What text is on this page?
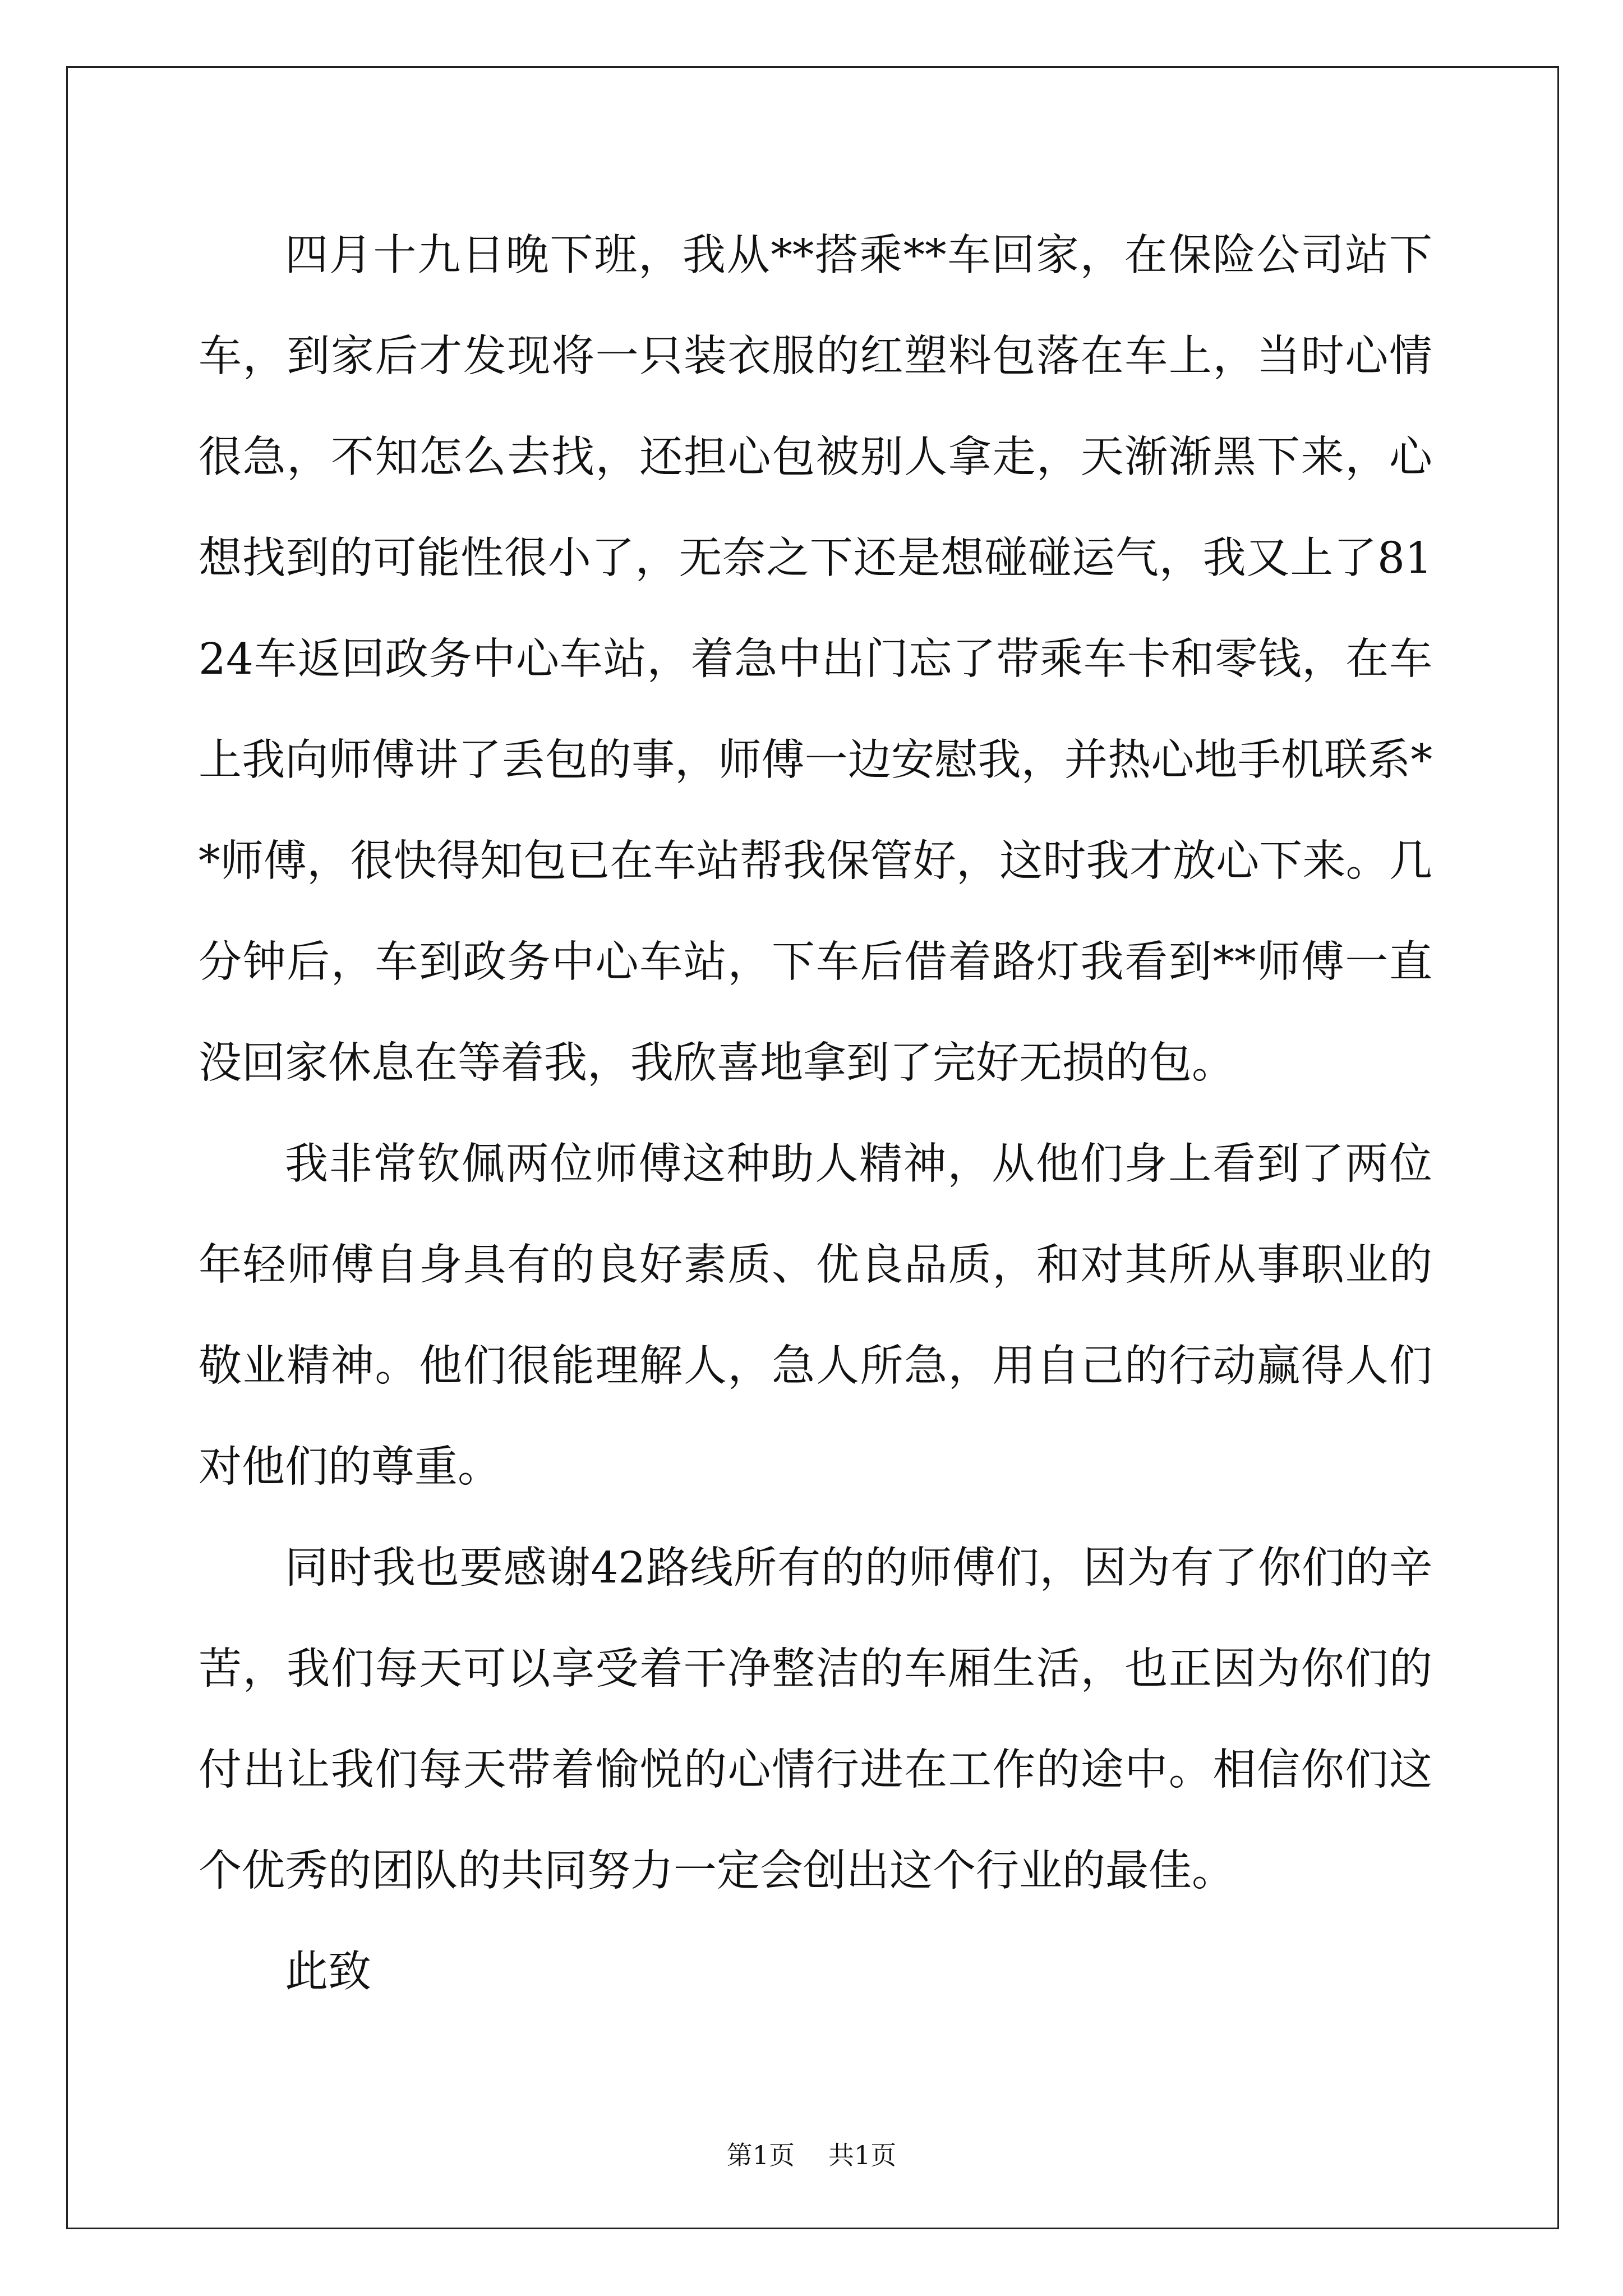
四月十九日晚下班，我从**搭乘**车回家，在保险公司站下车，到家后才发现将一只装衣服的红塑料包落在车上，当时心情很急，不知怎么去找，还担心包被别人拿走，天渐渐黑下来，心想找到的可能性很小了，无奈之下还是想碰碰运气，我又上了8124车返回政务中心车站，着急中出门忘了带乘车卡和零钱，在车上我向师傅讲了丢包的事，师傅一边安慰我，并热心地手机联系**师傅，很快得知包已在车站帮我保管好，这时我才放心下来。几分钟后，车到政务中心车站，下车后借着路灯我看到**师傅一直没回家休息在等着我，我欣喜地拿到了完好无损的包。

我非常钦佩两位师傅这种助人精神，从他们身上看到了两位年轻师傅自身具有的良好素质、优良品质，和对其所从事职业的敬业精神。他们很能理解人，急人所急，用自己的行动赢得人们对他们的尊重。

同时我也要感谢42路线所有的的师傅们，因为有了你们的辛苦，我们每天可以享受着干净整洁的车厢生活，也正因为你们的付出让我们每天带着愉悦的心情行进在工作的途中。相信你们这个优秀的团队的共同努力一定会创出这个行业的最佳。

此致

第1页 共1页
